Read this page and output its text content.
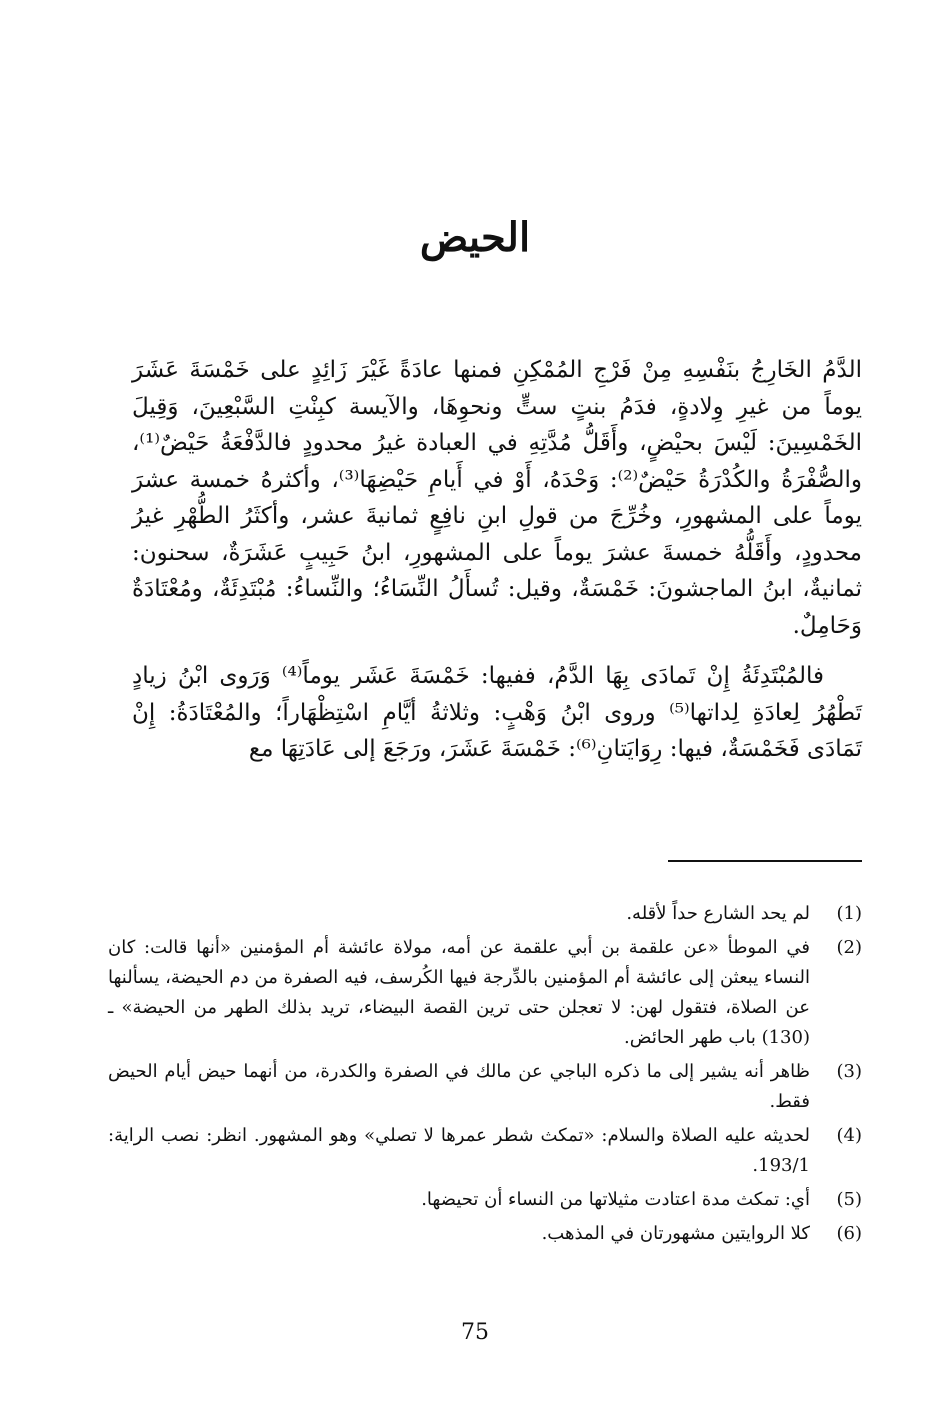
الحيض

الدَّمُ الخَارِجُ بنَفْسِهِ مِنْ فَرْجِ المُمْكِنِ فمنها عادَةً غَيْرَ زَائِدٍ على خَمْسَةَ عَشَرَ يوماً من غيرِ وِلادةٍ، فدَمُ بنتٍ ستٍّ ونحوِهَا، والآيسة كبِنْتِ السَّبْعِينَ، وَقِيلَ الخَمْسِينَ: لَيْسَ بحيْضٍ، وأَقَلُّ مُدَّتِهِ في العبادة غيرُ محدودٍ فالدَّفْعَةُ حَيْضٌ⁽¹⁾، والصُّفْرَةُ والكُدْرَةُ حَيْضٌ⁽²⁾: وَحْدَهُ، أَوْ في أَيامِ حَيْضِهَا⁽³⁾، وأكثرهُ خمسة عشرَ يوماً على المشهورِ، وخُرِّجَ من قولِ ابنِ نافِعٍ ثمانيةَ عشر، وأكثَرُ الطُّهْرِ غيرُ محدودٍ، وأَقَلُّهُ خمسةَ عشرَ يوماً على المشهورِ، ابنُ حَبِيبٍ عَشَرَةٌ، سحنون: ثمانيةٌ، ابنُ الماجشونَ: خَمْسَةٌ، وقيل: تُسأَلُ النِّسَاءُ؛ والنِّساءُ: مُبْتَدِئَةٌ، ومُعْتَادَةٌ وَحَامِلٌ.

فالمُبْتَدِئَةُ إِنْ تَمادَى بِهَا الدَّمُ، ففيها: خَمْسَةَ عَشَر يوماً⁽⁴⁾ وَرَوى ابْنُ زيادٍ تَطْهُرُ لِعادَةِ لِداتها⁽⁵⁾ وروى ابْنُ وَهْبٍ: وثلاثةُ أيَّامِ اسْتِظْهَاراً؛ والمُعْتَادَةُ: إِنْ تَمَادَى فَخَمْسَةٌ، فيها: رِوَايَتانِ⁽⁶⁾: خَمْسَةَ عَشَرَ، ورَجَعَ إلى عَادَتِهَا مع

(1)
لم يحد الشارع حداً لأقله.
(2)
في الموطأ «عن علقمة بن أبي علقمة عن أمه، مولاة عائشة أم المؤمنين «أنها قالت: كان النساء يبعثن إلى عائشة أم المؤمنين بالدِّرجة فيها الكُرسف، فيه الصفرة من دم الحيضة، يسألنها عن الصلاة، فتقول لهن: لا تعجلن حتى ترين القصة البيضاء، تريد بذلك الطهر من الحيضة» ـ (130) باب طهر الحائض.
(3)
ظاهر أنه يشير إلى ما ذكره الباجي عن مالك في الصفرة والكدرة، من أنهما حيض أيام الحيض فقط.
(4)
لحديثه عليه الصلاة والسلام: «تمكث شطر عمرها لا تصلي» وهو المشهور. انظر: نصب الراية: 193/1.
(5)
أي: تمكث مدة اعتادت مثيلاتها من النساء أن تحيضها.
(6)
كلا الروايتين مشهورتان في المذهب.
75
